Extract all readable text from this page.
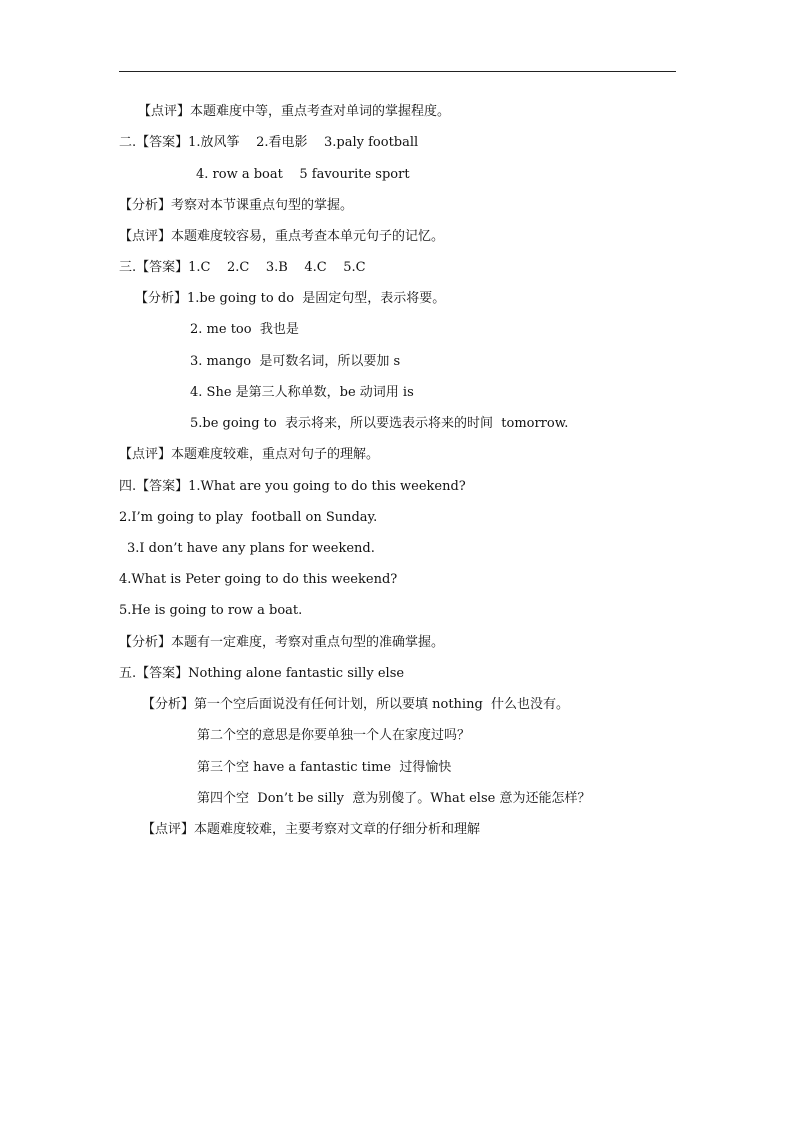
【点评】本题难度中等，重点考查对单词的掌握程度。
二.【答案】1.放风筝    2.看电影    3.paly football
4. row a boat    5 favourite sport
【分析】考察对本节课重点句型的掌握。
【点评】本题难度较容易，重点考查本单元句子的记忆。
三.【答案】1.C    2.C    3.B    4.C    5.C
【分析】1.be going to do  是固定句型，表示将要。
2. me too  我也是
3. mango  是可数名词，所以要加 s
4. She 是第三人称单数，be 动词用 is
5.be going to  表示将来，所以要选表示将来的时间  tomorrow.
【点评】本题难度较难，重点对句子的理解。
四.【答案】1.What are you going to do this weekend?
2.I’m going to play  football on Sunday.
3.I don’t have any plans for weekend.
4.What is Peter going to do this weekend?
5.He is going to row a boat.
【分析】本题有一定难度，考察对重点句型的准确掌握。
五.【答案】Nothing alone fantastic silly else
【分析】第一个空后面说没有任何计划，所以要填 nothing  什么也没有。
第二个空的意思是你要单独一个人在家度过吗？
第三个空 have a fantastic time  过得愉快
第四个空  Don’t be silly  意为别傻了。What else 意为还能怎样？
【点评】本题难度较难，主要考察对文章的仔细分析和理解
